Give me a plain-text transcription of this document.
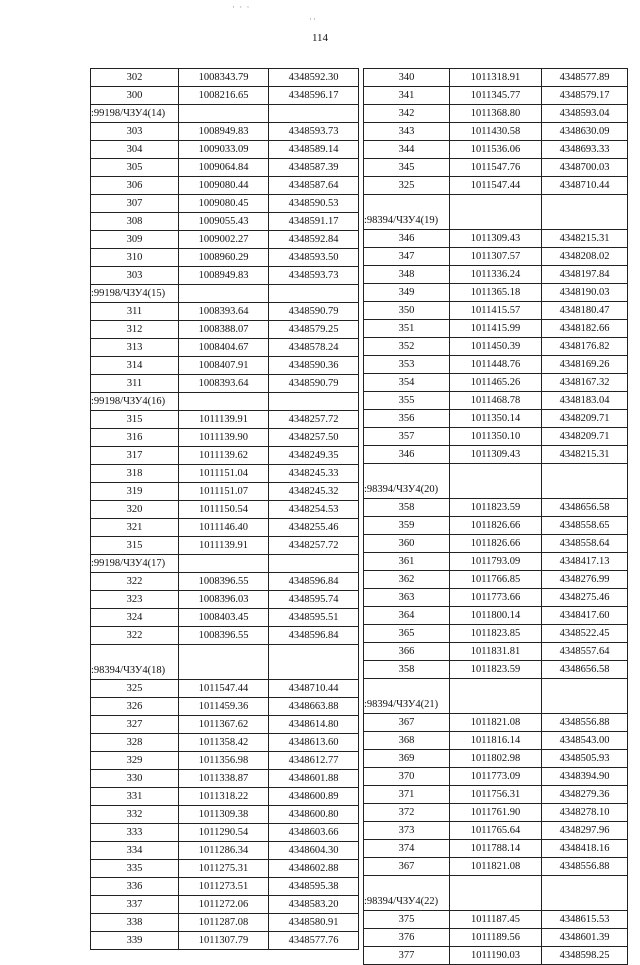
114
· · ·
··
302	1008343.79	4348592.30
300	1008216.65	4348596.17
:99198/ЧЗУ4(14)		
303	1008949.83	4348593.73
304	1009033.09	4348589.14
305	1009064.84	4348587.39
306	1009080.44	4348587.64
307	1009080.45	4348590.53
308	1009055.43	4348591.17
309	1009002.27	4348592.84
310	1008960.29	4348593.50
303	1008949.83	4348593.73
:99198/ЧЗУ4(15)		
311	1008393.64	4348590.79
312	1008388.07	4348579.25
313	1008404.67	4348578.24
314	1008407.91	4348590.36
311	1008393.64	4348590.79
:99198/ЧЗУ4(16)		
315	1011139.91	4348257.72
316	1011139.90	4348257.50
317	1011139.62	4348249.35
318	1011151.04	4348245.33
319	1011151.07	4348245.32
320	1011150.54	4348254.53
321	1011146.40	4348255.46
315	1011139.91	4348257.72
:99198/ЧЗУ4(17)		
322	1008396.55	4348596.84
323	1008396.03	4348595.74
324	1008403.45	4348595.51
322	1008396.55	4348596.84
:98394/ЧЗУ4(18)		
325	1011547.44	4348710.44
326	1011459.36	4348663.88
327	1011367.62	4348614.80
328	1011358.42	4348613.60
329	1011356.98	4348612.77
330	1011338.87	4348601.88
331	1011318.22	4348600.89
332	1011309.38	4348600.80
333	1011290.54	4348603.66
334	1011286.34	4348604.30
335	1011275.31	4348602.88
336	1011273.51	4348595.38
337	1011272.06	4348583.20
338	1011287.08	4348580.91
339	1011307.79	4348577.76
340	1011318.91	4348577.89
341	1011345.77	4348579.17
342	1011368.80	4348593.04
343	1011430.58	4348630.09
344	1011536.06	4348693.33
345	1011547.76	4348700.03
325	1011547.44	4348710.44
:98394/ЧЗУ4(19)		
346	1011309.43	4348215.31
347	1011307.57	4348208.02
348	1011336.24	4348197.84
349	1011365.18	4348190.03
350	1011415.57	4348180.47
351	1011415.99	4348182.66
352	1011450.39	4348176.82
353	1011448.76	4348169.26
354	1011465.26	4348167.32
355	1011468.78	4348183.04
356	1011350.14	4348209.71
357	1011350.10	4348209.71
346	1011309.43	4348215.31
:98394/ЧЗУ4(20)		
358	1011823.59	4348656.58
359	1011826.66	4348558.65
360	1011826.66	4348558.64
361	1011793.09	4348417.13
362	1011766.85	4348276.99
363	1011773.66	4348275.46
364	1011800.14	4348417.60
365	1011823.85	4348522.45
366	1011831.81	4348557.64
358	1011823.59	4348656.58
:98394/ЧЗУ4(21)		
367	1011821.08	4348556.88
368	1011816.14	4348543.00
369	1011802.98	4348505.93
370	1011773.09	4348394.90
371	1011756.31	4348279.36
372	1011761.90	4348278.10
373	1011765.64	4348297.96
374	1011788.14	4348418.16
367	1011821.08	4348556.88
:98394/ЧЗУ4(22)		
375	1011187.45	4348615.53
376	1011189.56	4348601.39
377	1011190.03	4348598.25
